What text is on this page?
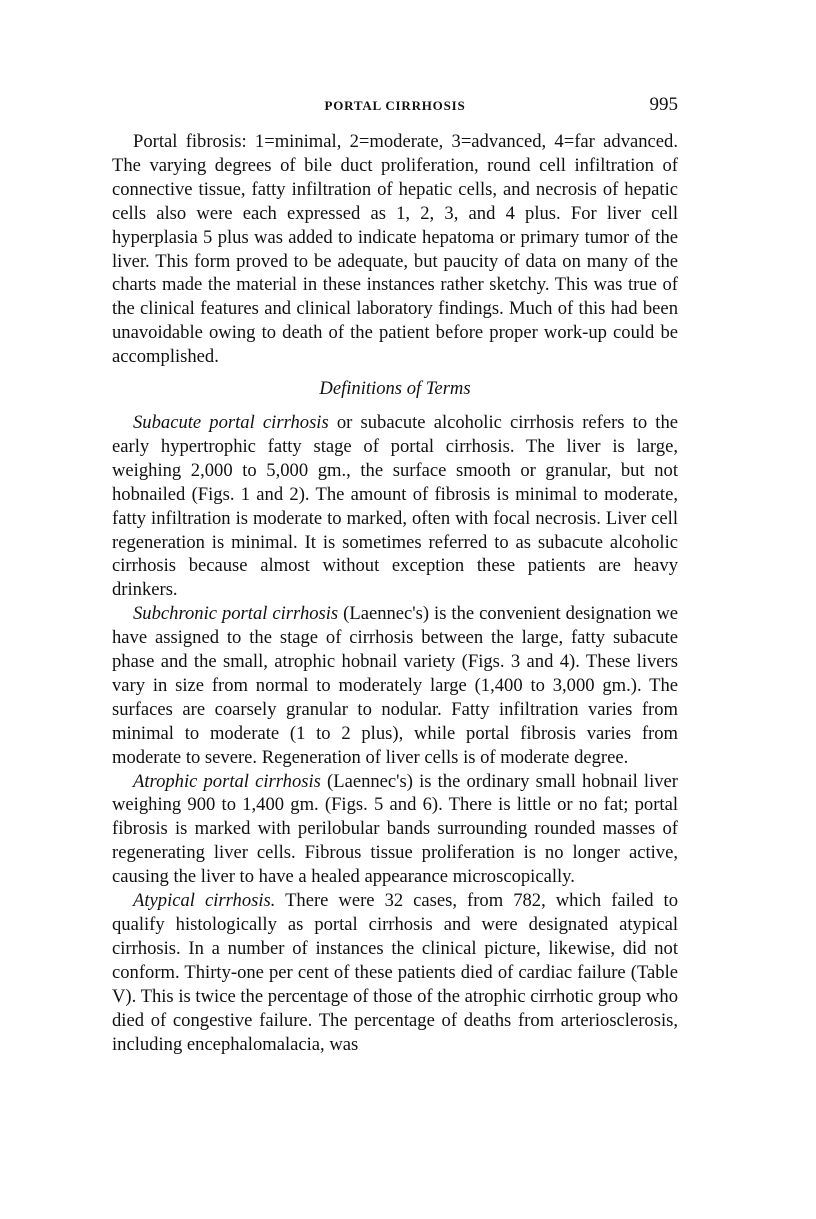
PORTAL CIRRHOSIS	995

Portal fibrosis: 1=minimal, 2=moderate, 3=advanced, 4=far advanced. The varying degrees of bile duct proliferation, round cell infiltration of connective tissue, fatty infiltration of hepatic cells, and necrosis of hepatic cells also were each expressed as 1, 2, 3, and 4 plus. For liver cell hyperplasia 5 plus was added to indicate hepatoma or primary tumor of the liver. This form proved to be adequate, but paucity of data on many of the charts made the material in these instances rather sketchy. This was true of the clinical features and clinical laboratory findings. Much of this had been unavoidable owing to death of the patient before proper work-up could be accomplished.

Definitions of Terms

Subacute portal cirrhosis or subacute alcoholic cirrhosis refers to the early hypertrophic fatty stage of portal cirrhosis. The liver is large, weighing 2,000 to 5,000 gm., the surface smooth or granular, but not hobnailed (Figs. 1 and 2). The amount of fibrosis is minimal to moderate, fatty infiltration is moderate to marked, often with focal necrosis. Liver cell regeneration is minimal. It is sometimes referred to as subacute alcoholic cirrhosis because almost without exception these patients are heavy drinkers.

Subchronic portal cirrhosis (Laennec's) is the convenient designation we have assigned to the stage of cirrhosis between the large, fatty subacute phase and the small, atrophic hobnail variety (Figs. 3 and 4). These livers vary in size from normal to moderately large (1,400 to 3,000 gm.). The surfaces are coarsely granular to nodular. Fatty infiltration varies from minimal to moderate (1 to 2 plus), while portal fibrosis varies from moderate to severe. Regeneration of liver cells is of moderate degree.

Atrophic portal cirrhosis (Laennec's) is the ordinary small hobnail liver weighing 900 to 1,400 gm. (Figs. 5 and 6). There is little or no fat; portal fibrosis is marked with perilobular bands surrounding rounded masses of regenerating liver cells. Fibrous tissue proliferation is no longer active, causing the liver to have a healed appearance microscopically.

Atypical cirrhosis. There were 32 cases, from 782, which failed to qualify histologically as portal cirrhosis and were designated atypical cirrhosis. In a number of instances the clinical picture, likewise, did not conform. Thirty-one per cent of these patients died of cardiac failure (Table V). This is twice the percentage of those of the atrophic cirrhotic group who died of congestive failure. The percentage of deaths from arteriosclerosis, including encephalomalacia, was
